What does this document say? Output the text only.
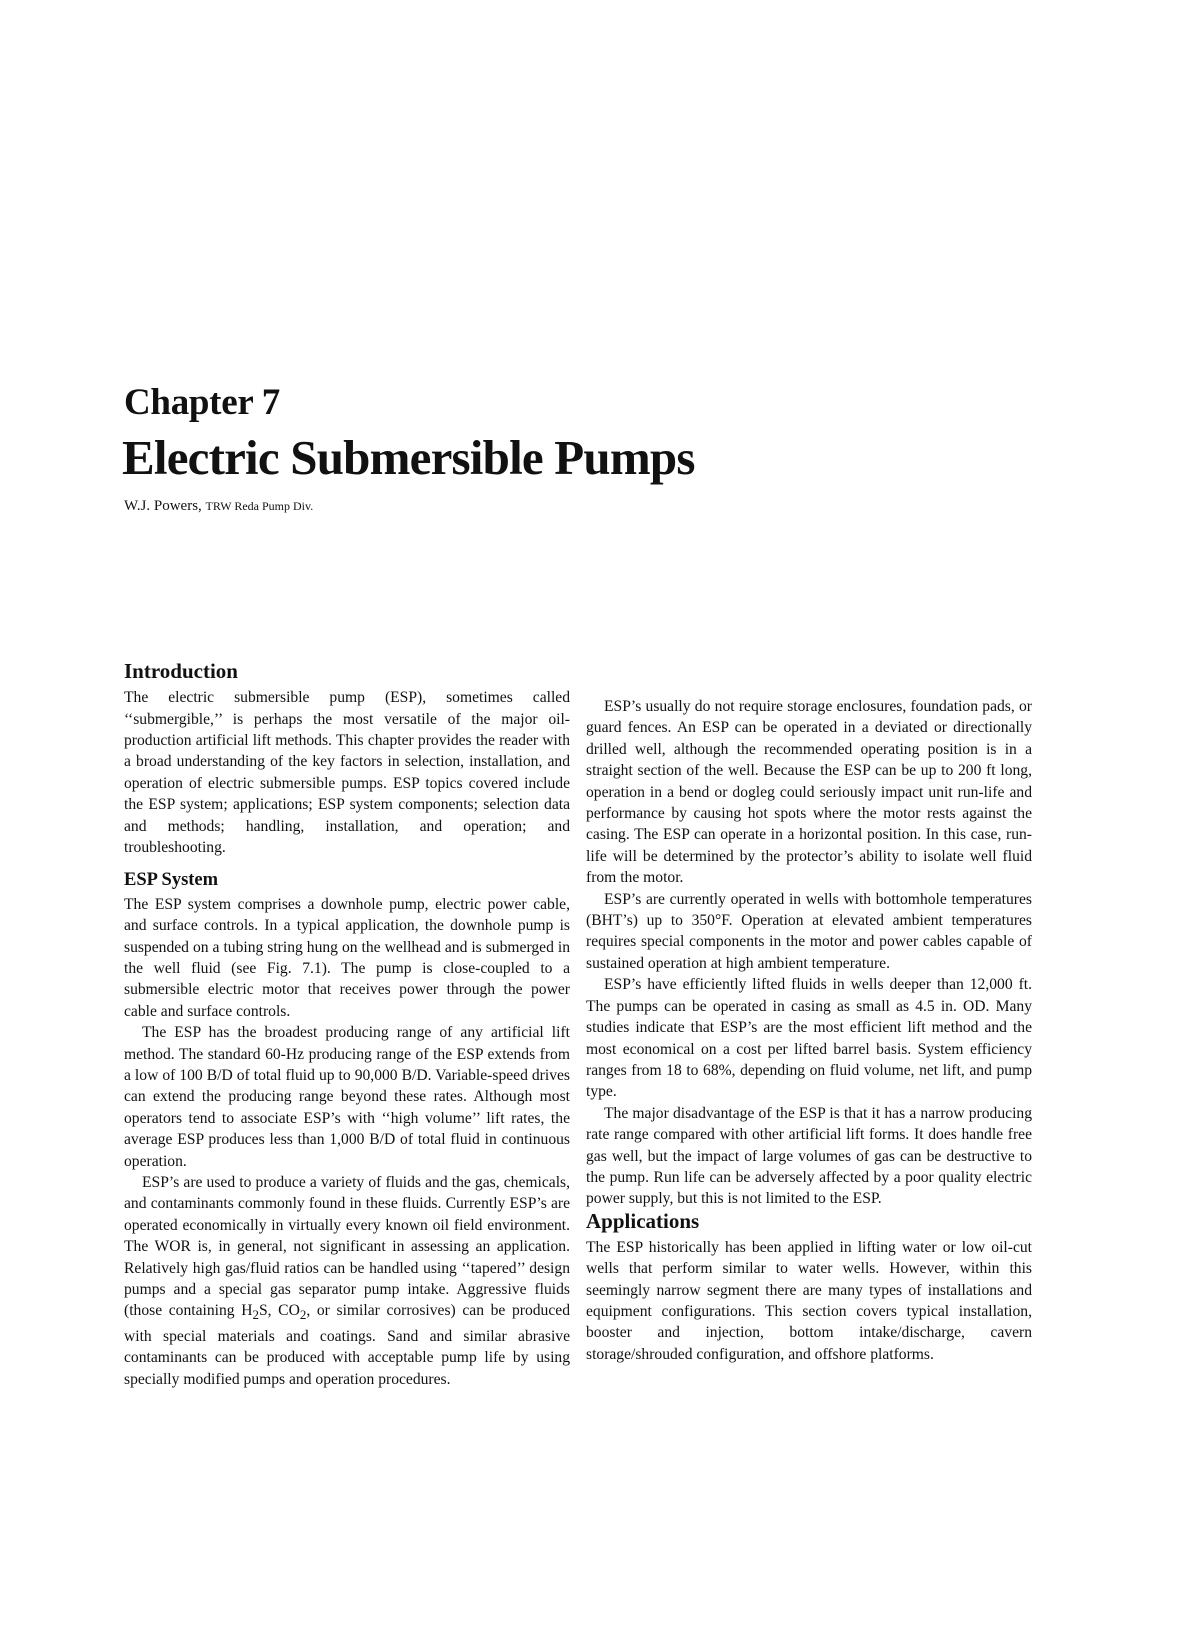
Chapter 7
Electric Submersible Pumps
W.J. Powers, TRW Reda Pump Div.
Introduction

The electric submersible pump (ESP), sometimes called ‘‘submergible,’’ is perhaps the most versatile of the major oil-production artificial lift methods. This chapter provides the reader with a broad understanding of the key factors in selection, installation, and operation of electric submersible pumps. ESP topics covered include the ESP system; applications; ESP system components; selection data and methods; handling, installation, and operation; and troubleshooting.

ESP System

The ESP system comprises a downhole pump, electric power cable, and surface controls. In a typical application, the downhole pump is suspended on a tubing string hung on the wellhead and is submerged in the well fluid (see Fig. 7.1). The pump is close-coupled to a submersible electric motor that receives power through the power cable and surface controls.

The ESP has the broadest producing range of any artificial lift method. The standard 60-Hz producing range of the ESP extends from a low of 100 B/D of total fluid up to 90,000 B/D. Variable-speed drives can extend the producing range beyond these rates. Although most operators tend to associate ESP’s with ‘‘high volume’’ lift rates, the average ESP produces less than 1,000 B/D of total fluid in continuous operation.

ESP’s are used to produce a variety of fluids and the gas, chemicals, and contaminants commonly found in these fluids. Currently ESP’s are operated economically in virtually every known oil field environment. The WOR is, in general, not significant in assessing an application. Relatively high gas/fluid ratios can be handled using ‘‘tapered’’ design pumps and a special gas separator pump intake. Aggressive fluids (those containing $H_2S$, $CO_2$, or similar corrosives) can be produced with special materials and coatings. Sand and similar abrasive contaminants can be produced with acceptable pump life by using specially modified pumps and operation procedures.

ESP’s usually do not require storage enclosures, foundation pads, or guard fences. An ESP can be operated in a deviated or directionally drilled well, although the recommended operating position is in a straight section of the well. Because the ESP can be up to 200 ft long, operation in a bend or dogleg could seriously impact unit run-life and performance by causing hot spots where the motor rests against the casing. The ESP can operate in a horizontal position. In this case, run-life will be determined by the protector’s ability to isolate well fluid from the motor.

ESP’s are currently operated in wells with bottomhole temperatures (BHT’s) up to 350°F. Operation at elevated ambient temperatures requires special components in the motor and power cables capable of sustained operation at high ambient temperature.

ESP’s have efficiently lifted fluids in wells deeper than 12,000 ft. The pumps can be operated in casing as small as 4.5 in. OD. Many studies indicate that ESP’s are the most efficient lift method and the most economical on a cost per lifted barrel basis. System efficiency ranges from 18 to 68%, depending on fluid volume, net lift, and pump type.

The major disadvantage of the ESP is that it has a narrow producing rate range compared with other artificial lift forms. It does handle free gas well, but the impact of large volumes of gas can be destructive to the pump. Run life can be adversely affected by a poor quality electric power supply, but this is not limited to the ESP.

Applications

The ESP historically has been applied in lifting water or low oil-cut wells that perform similar to water wells. However, within this seemingly narrow segment there are many types of installations and equipment configurations. This section covers typical installation, booster and injection, bottom intake/discharge, cavern storage/shrouded configuration, and offshore platforms.
